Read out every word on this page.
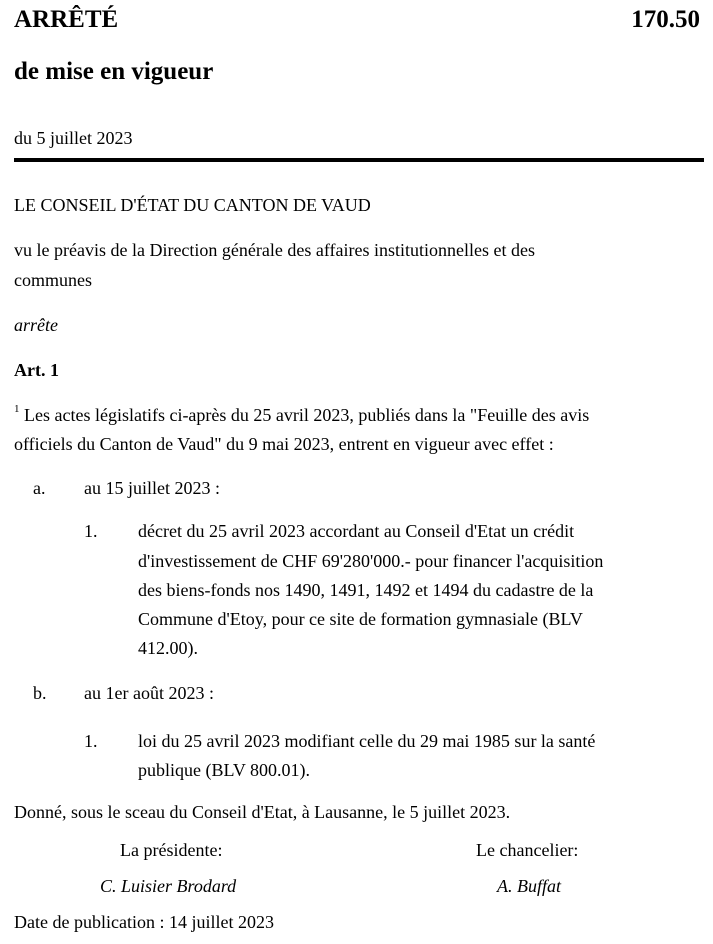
ARRÊTÉ	170.50
de mise en vigueur
du 5 juillet 2023
LE CONSEIL D'ÉTAT DU CANTON DE VAUD
vu le préavis de la Direction générale des affaires institutionnelles et des
communes
arrête
Art. 1
$^1$ Les actes législatifs ci-après du 25 avril 2023, publiés dans la "Feuille des avis
officiels du Canton de Vaud" du 9 mai 2023, entrent en vigueur avec effet :
a. au 15 juillet 2023 :
1. décret du 25 avril 2023 accordant au Conseil d'Etat un crédit
d'investissement de CHF 69'280'000.- pour financer l'acquisition
des biens-fonds nos 1490, 1491, 1492 et 1494 du cadastre de la
Commune d'Etoy, pour ce site de formation gymnasiale (BLV
412.00).
b. au 1er août 2023 :
1. loi du 25 avril 2023 modifiant celle du 29 mai 1985 sur la santé
publique (BLV 800.01).
Donné, sous le sceau du Conseil d'Etat, à Lausanne, le 5 juillet 2023.
La présidente:	Le chancelier:
C. Luisier Brodard	A. Buffat
Date de publication : 14 juillet 2023
